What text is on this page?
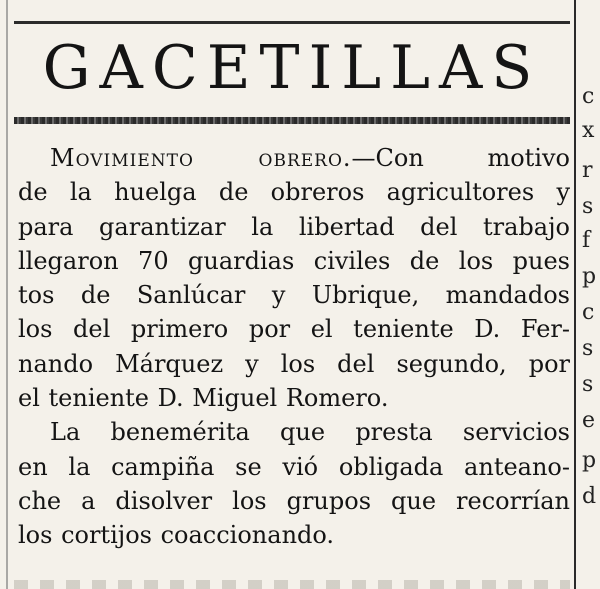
c
x
r
s
f
p
c
s
s
e
p
d
GACETILLAS
Movimiento obrero.—Con motivo
de la huelga de obreros agricultores y
para garantizar la libertad del trabajo
llegaron 70 guardias civiles de los pues
tos de Sanlúcar y Ubrique, mandados
los del primero por el teniente D. Fer-
nando Márquez y los del segundo, por
el teniente D. Miguel Romero.
La benemérita que presta servicios
en la campiña se vió obligada anteano-
che a disolver los grupos que recorrían
los cortijos coaccionando.
